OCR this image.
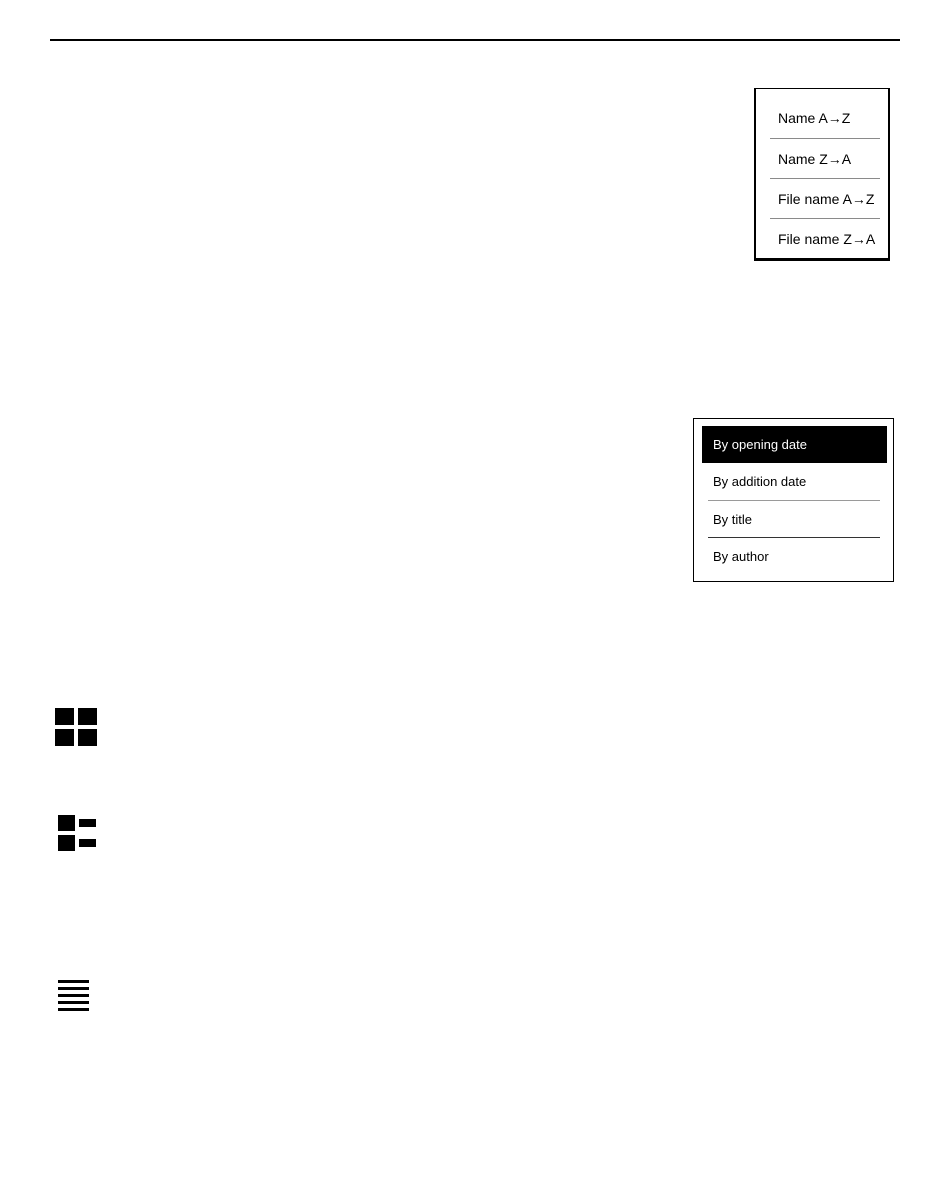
Name A→Z
Name Z→A
File name A→Z
File name Z→A
By opening date
By addition date
By title
By author
